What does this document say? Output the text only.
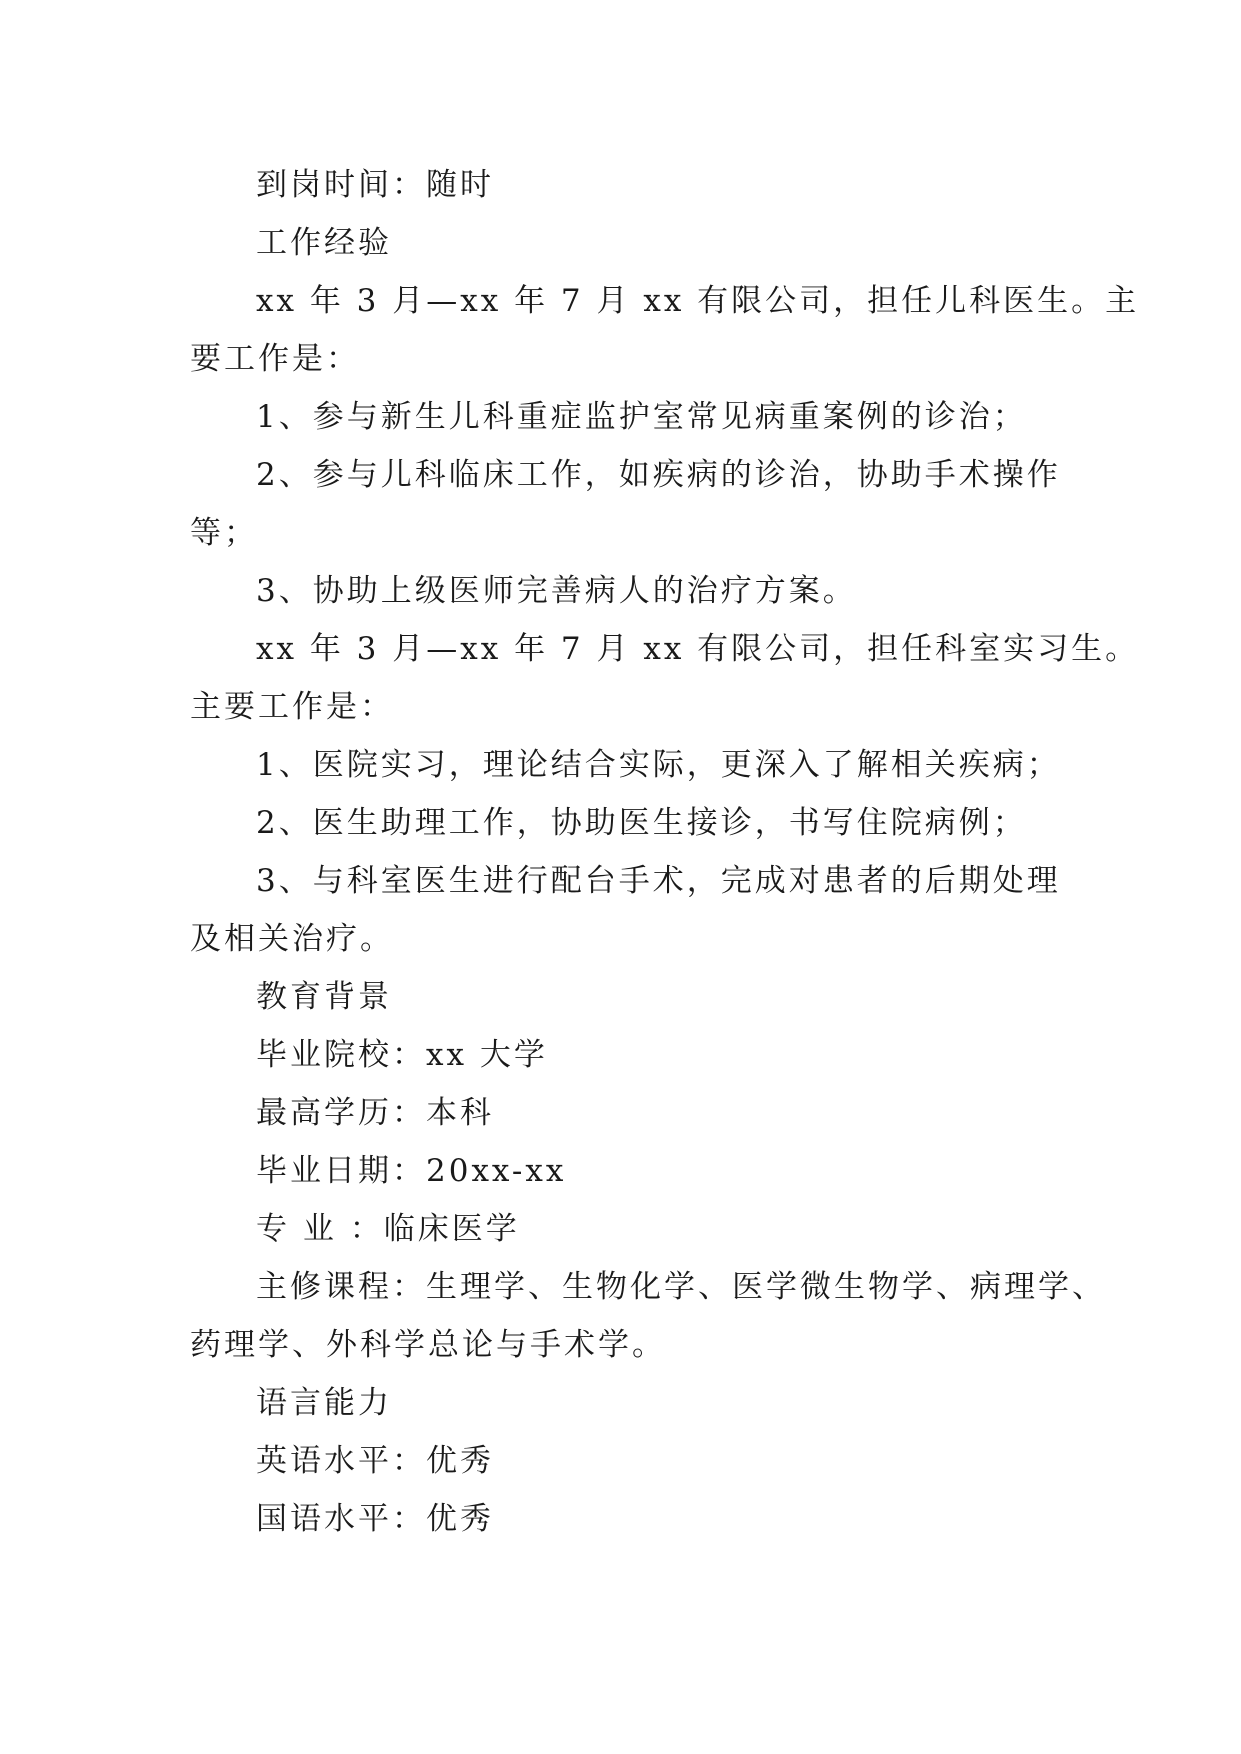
到岗时间：随时

工作经验

xx 年 3 月—xx 年 7 月 xx 有限公司，担任儿科医生。主

要工作是：

1、参与新生儿科重症监护室常见病重案例的诊治；

2、参与儿科临床工作，如疾病的诊治，协助手术操作

等；

3、协助上级医师完善病人的治疗方案。

xx 年 3 月—xx 年 7 月 xx 有限公司，担任科室实习生。

主要工作是：

1、医院实习，理论结合实际，更深入了解相关疾病；

2、医生助理工作，协助医生接诊，书写住院病例；

3、与科室医生进行配台手术，完成对患者的后期处理

及相关治疗。

教育背景

毕业院校：xx 大学

最高学历：本科

毕业日期：20xx-xx

专 业 ：临床医学

主修课程：生理学、生物化学、医学微生物学、病理学、

药理学、外科学总论与手术学。

语言能力

英语水平：优秀

国语水平：优秀
